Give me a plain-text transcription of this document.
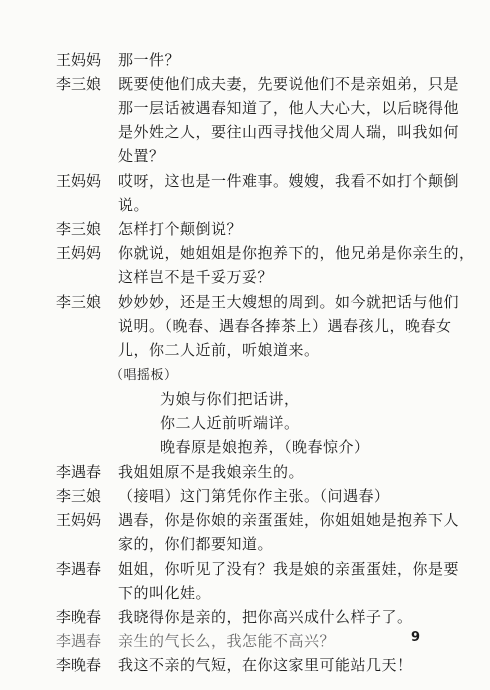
王妈妈 那一件？
李三娘 既要使他们成夫妻，先要说他们不是亲姐弟，只是
那一层话被遇春知道了，他人大心大，以后晓得他
是外姓之人，要往山西寻找他父周人瑞，叫我如何
处置？
王妈妈 哎呀，这也是一件难事。嫂嫂，我看不如打个颠倒
说。
李三娘 怎样打个颠倒说？
王妈妈 你就说，她姐姐是你抱养下的，他兄弟是你亲生的，
这样岂不是千妥万妥？
李三娘 妙妙妙，还是王大嫂想的周到。如今就把话与他们
说明。（晚春、遇春各捧茶上）遇春孩儿，晚春女
儿，你二人近前，听娘道来。
（唱摇板）
为娘与你们把话讲，
你二人近前听端详。
晚春原是娘抱养，（晚春惊介）
李遇春 我姐姐原不是我娘亲生的。
李三娘 （接唱）这门第凭你作主张。（问遇春）
王妈妈 遇春，你是你娘的亲蛋蛋娃，你姐姐她是抱养下人
家的，你们都要知道。
李遇春 姐姐，你听见了没有？我是娘的亲蛋蛋娃，你是要
下的叫化娃。
李晚春 我晓得你是亲的，把你高兴成什么样子了。
李遇春 亲生的气长么，我怎能不高兴？
李晚春 我这不亲的气短，在你这家里可能站几天！
9
